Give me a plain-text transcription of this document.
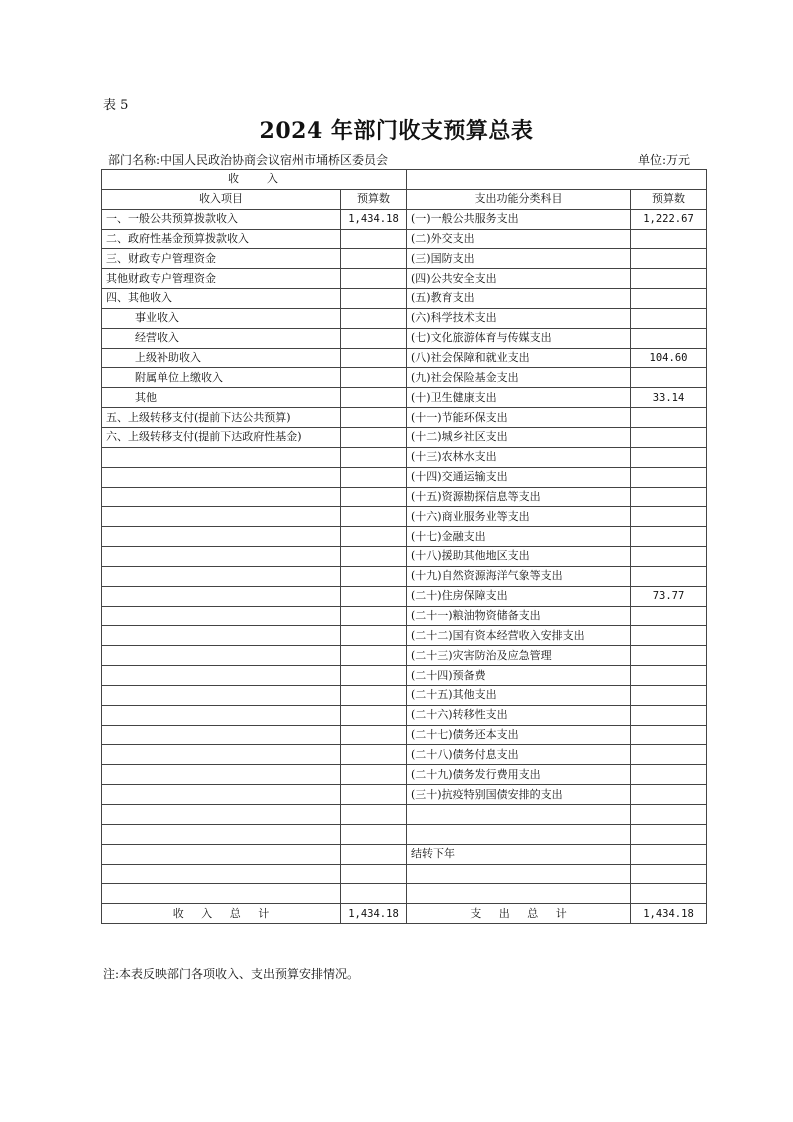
表 5
2024 年部门收支预算总表
部门名称:中国人民政治协商会议宿州市埇桥区委员会	单位:万元
收　　入			
收入项目	预算数	支出功能分类科目	预算数
一、一般公共预算拨款收入	1,434.18	(一)一般公共服务支出	1,222.67
二、政府性基金预算拨款收入		(二)外交支出	
三、财政专户管理资金		(三)国防支出	
其他财政专户管理资金		(四)公共安全支出	
四、其他收入		(五)教育支出	
事业收入		(六)科学技术支出	
经营收入		(七)文化旅游体育与传媒支出	
上级补助收入		(八)社会保障和就业支出	104.60
附属单位上缴收入		(九)社会保险基金支出	
其他		(十)卫生健康支出	33.14
五、上级转移支付(提前下达公共预算)		(十一)节能环保支出	
六、上级转移支付(提前下达政府性基金)		(十二)城乡社区支出	
		(十三)农林水支出	
		(十四)交通运输支出	
		(十五)资源勘探信息等支出	
		(十六)商业服务业等支出	
		(十七)金融支出	
		(十八)援助其他地区支出	
		(十九)自然资源海洋气象等支出	
		(二十)住房保障支出	73.77
		(二十一)粮油物资储备支出	
		(二十二)国有资本经营收入安排支出	
		(二十三)灾害防治及应急管理	
		(二十四)预备费	
		(二十五)其他支出	
		(二十六)转移性支出	
		(二十七)债务还本支出	
		(二十八)债务付息支出	
		(二十九)债务发行费用支出	
		(三十)抗疫特别国债安排的支出	

		结转下年	

收 入 总 计	1,434.18	支 出 总 计	1,434.18
注:本表反映部门各项收入、支出预算安排情况。
